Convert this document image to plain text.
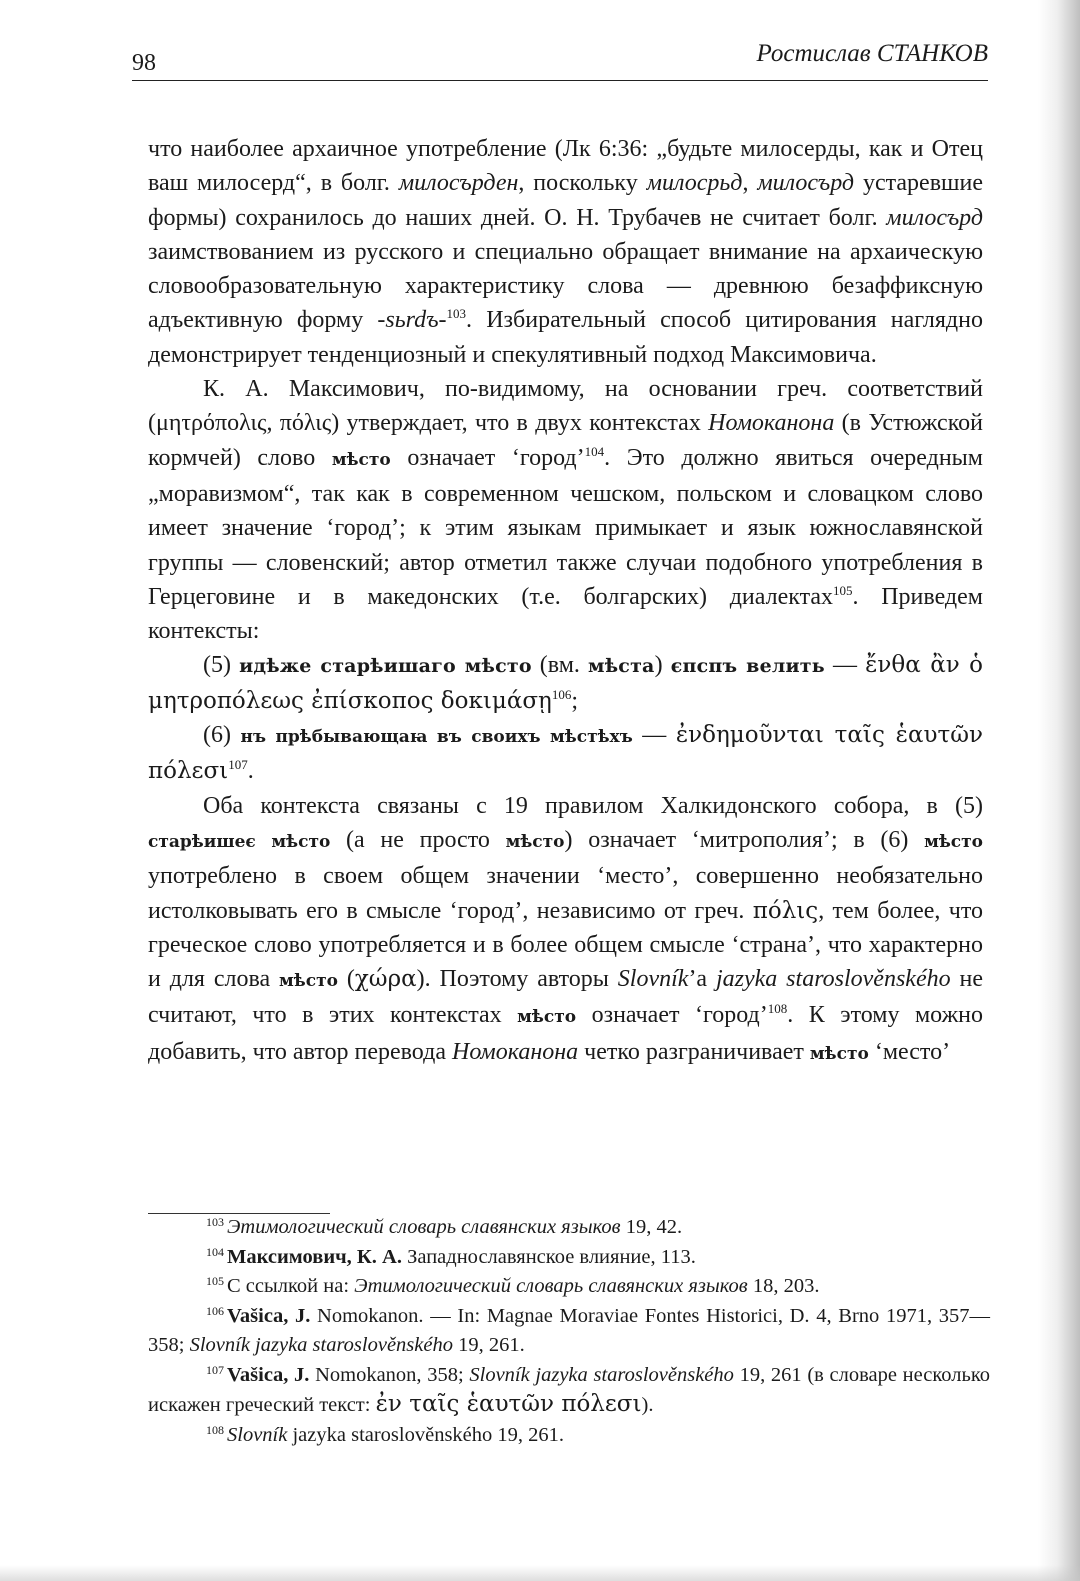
98	Ростислав СТАНКОВ

что наиболее архаичное употребление (Лк 6:36: „будьте милосерды, как и Отец ваш милосерд“, в болг. милосърден, поскольку милосрьд, милосърд устаревшие формы) сохранилось до наших дней. О. Н. Трубачев не считает болг. милосърд заимствованием из русского и специально обращает внимание на архаическую словообразовательную характеристику слова — древнюю безаффиксную адъективную форму -sьrdъ-$^{103}$. Избирательный способ цитирования наглядно демонстрирует тенденциозный и спекулятивный подход Максимовича.

К. А. Максимович, по-видимому, на основании греч. соответствий (μητρόπολις, πόλις) утверждает, что в двух контекстах Номоканона (в Устюжской кормчей) слово мѣсто означает ‘город’$^{104}$. Это должно явиться очередным „моравизмом“, так как в современном чешском, польском и словацком слово имеет значение ‘город’; к этим языкам примыкает и язык южнославянской группы — словенский; автор отметил также случаи подобного употребления в Герцеговине и в македонских (т.е. болгарских) диалектах$^{105}$. Приведем контексты:

(5) идѣже старѣишаго мѣсто (вм. мѣста) єпспъ велить — ἔνθα ἂν ὁ μητροπόλεως ἐπίσκοπος δοκιμάσῃ$^{106}$;

(6) нъ прѣбывающаꙗ въ своихъ мѣстѣхъ — ἐνδημοῦνται ταῖς ἑαυτῶν πόλεσι$^{107}$.

Оба контекста связаны с 19 правилом Халкидонского собора, в (5) старѣишеє мѣсто (а не просто мѣсто) означает ‘митрополия’; в (6) мѣсто употреблено в своем общем значении ‘место’, совершенно необязательно истолковывать его в смысле ‘город’, независимо от греч. πόλις, тем более, что греческое слово употребляется и в более общем смысле ‘страна’, что характерно и для слова мѣсто (χώρα). Поэтому авторы Slovník’а jazyka staroslověnského не считают, что в этих контекстах мѣсто означает ‘город’$^{108}$. К этому можно добавить, что автор перевода Номоканона четко разграничивает мѣсто ‘место’

$^{103}$ Этимологический словарь славянских языков 19, 42.

$^{104}$ Максимович, К. А. Западнославянское влияние, 113.

$^{105}$ С ссылкой на: Этимологический словарь славянских языков 18, 203.

$^{106}$ Vašica, J. Nomokanon. — In: Magnae Moraviae Fontes Historici, D. 4, Brno 1971, 357—358; Slovník jazyka staroslověnského 19, 261.

$^{107}$ Vašica, J. Nomokanon, 358; Slovník jazyka staroslověnského 19, 261 (в словаре несколько искажен греческий текст: ἐν ταῖς ἑαυτῶν πόλεσι).

$^{108}$ Slovník jazyka staroslověnského 19, 261.
